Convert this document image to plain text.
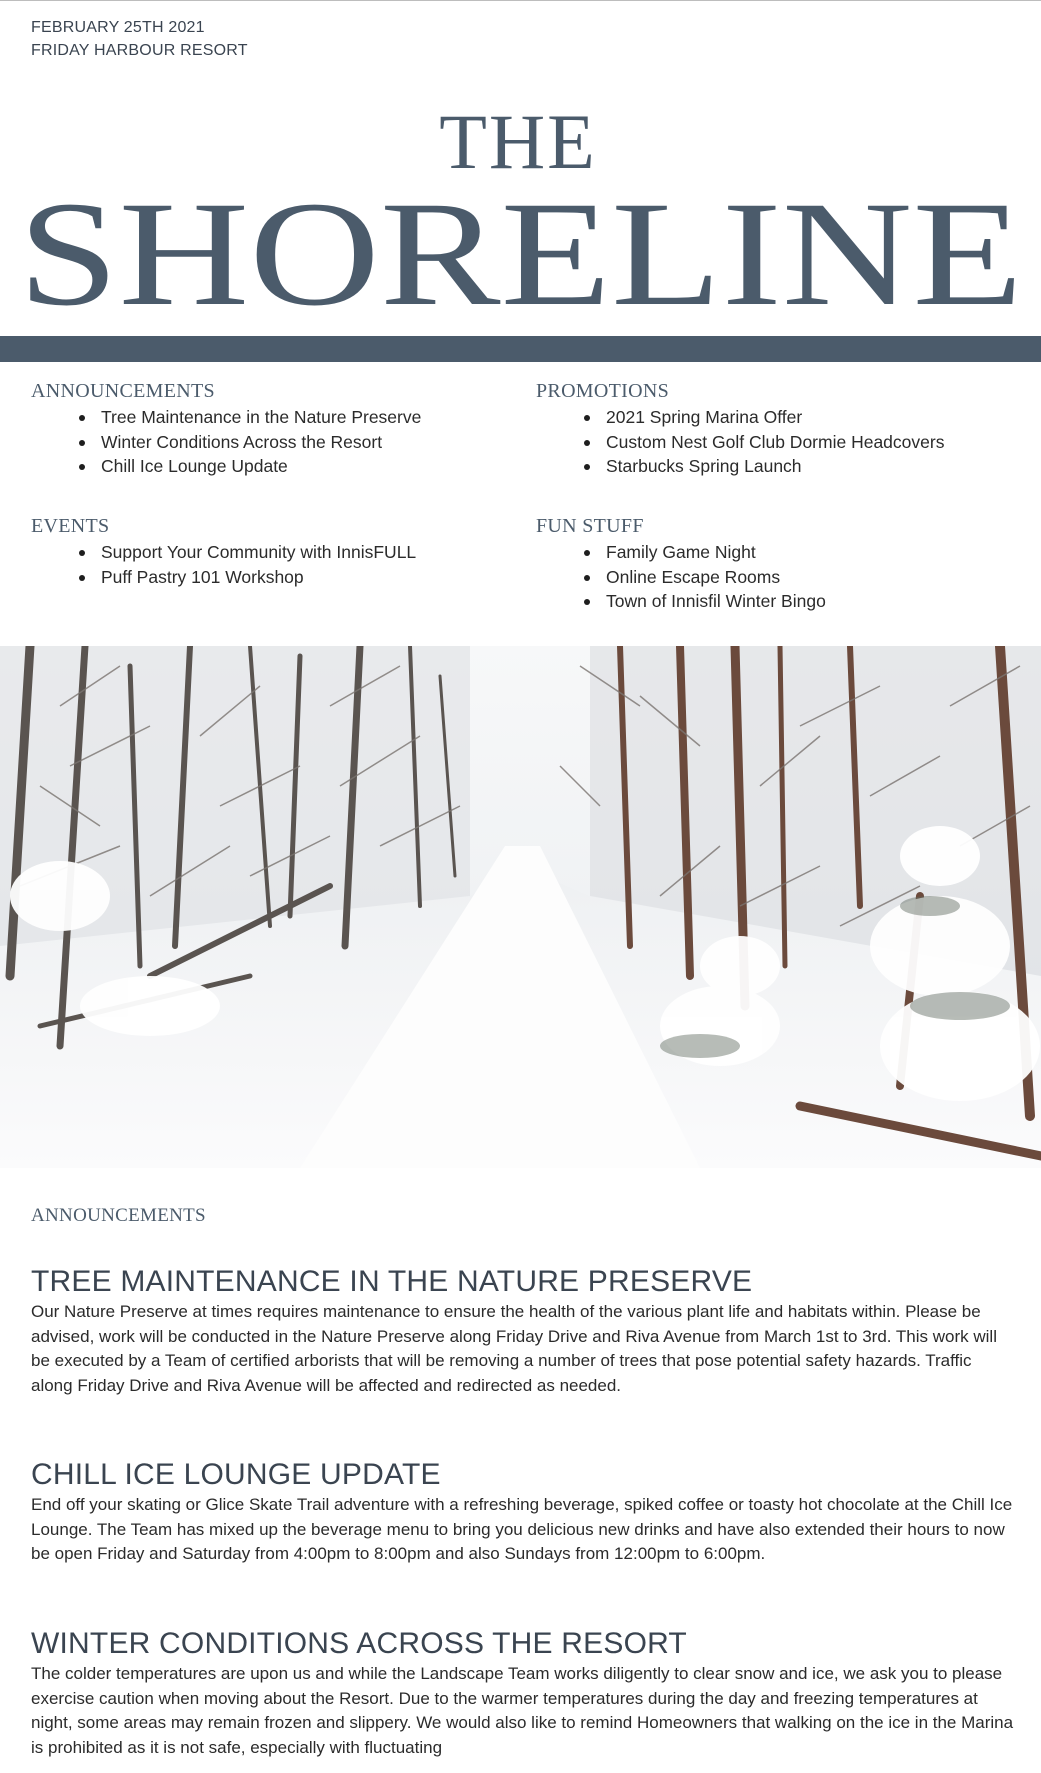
FEBRUARY 25TH 2021
FRIDAY HARBOUR RESORT
THE
SHORELINE
ANNOUNCEMENTS
Tree Maintenance in the Nature Preserve
Winter Conditions Across the Resort
Chill Ice Lounge Update
PROMOTIONS
2021 Spring Marina Offer
Custom Nest Golf Club Dormie Headcovers
Starbucks Spring Launch
EVENTS
Support Your Community with InnisFULL
Puff Pastry 101 Workshop
FUN STUFF
Family Game Night
Online Escape Rooms
Town of Innisfil Winter Bingo
ANNOUNCEMENTS
TREE MAINTENANCE IN THE NATURE PRESERVE

Our Nature Preserve at times requires maintenance to ensure the health of the various plant life and habitats within. Please be advised, work will be conducted in the Nature Preserve along Friday Drive and Riva Avenue from March 1st to 3rd. This work will be executed by a Team of certified arborists that will be removing a number of trees that pose potential safety hazards. Traffic along Friday Drive and Riva Avenue will be affected and redirected as needed.

CHILL ICE LOUNGE UPDATE

End off your skating or Glice Skate Trail adventure with a refreshing beverage, spiked coffee or toasty hot chocolate at the Chill Ice Lounge. The Team has mixed up the beverage menu to bring you delicious new drinks and have also extended their hours to now be open Friday and Saturday from 4:00pm to 8:00pm and also Sundays from 12:00pm to 6:00pm.

WINTER CONDITIONS ACROSS THE RESORT

The colder temperatures are upon us and while the Landscape Team works diligently to clear snow and ice, we ask you to please exercise caution when moving about the Resort. Due to the warmer temperatures during the day and freezing temperatures at night, some areas may remain frozen and slippery. We would also like to remind Homeowners that walking on the ice in the Marina is prohibited as it is not safe, especially with fluctuating
